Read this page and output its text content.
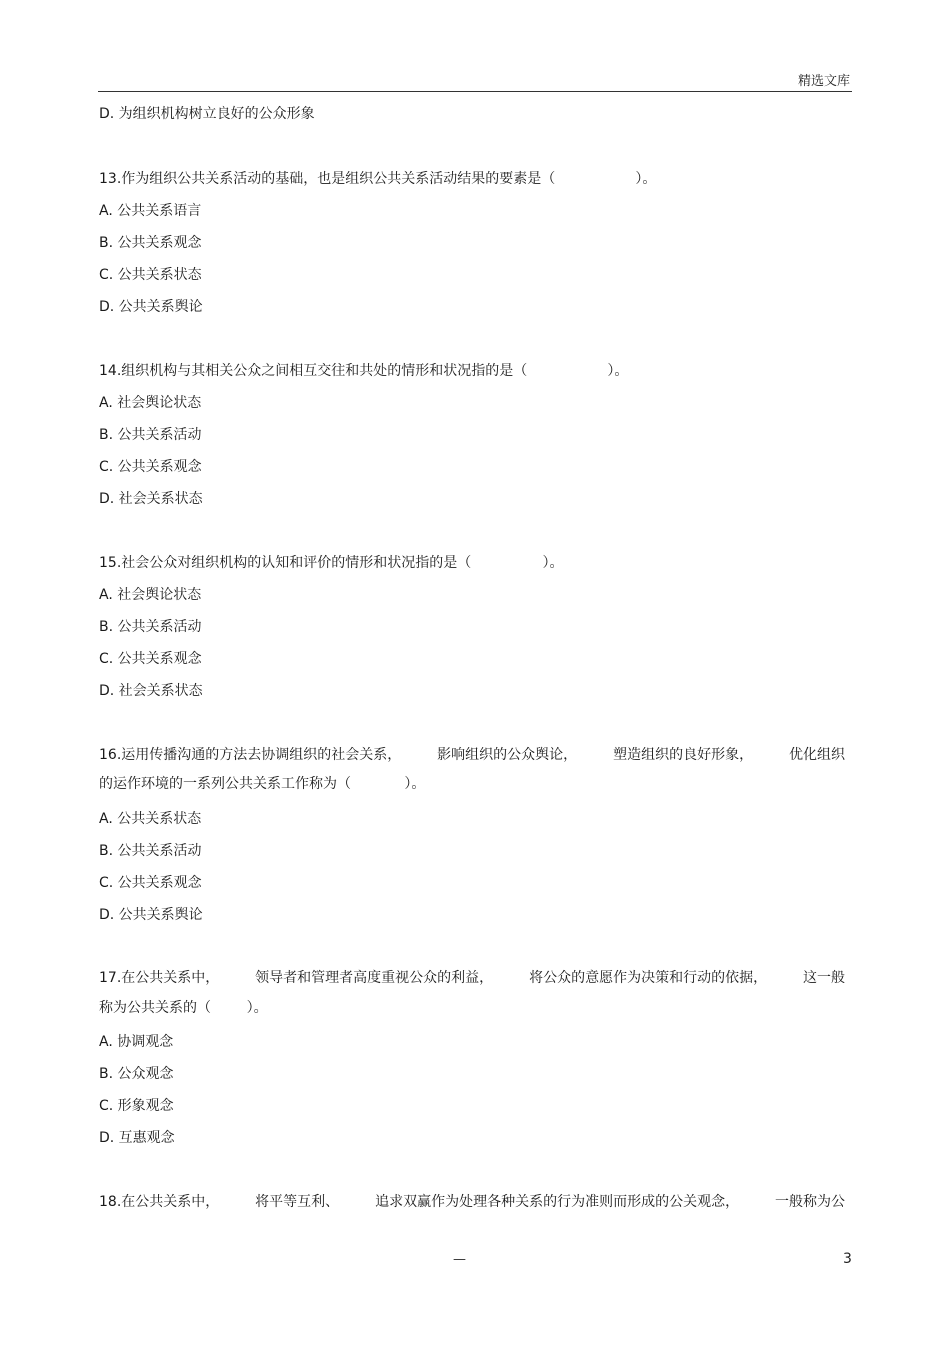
精选文库
D. 为组织机构树立良好的公众形象
13.作为组织公共关系活动的基础，也是组织公共关系活动结果的要素是（                  ）。
A. 公共关系语言
B. 公共关系观念
C. 公共关系状态
D. 公共关系舆论
14.组织机构与其相关公众之间相互交往和共处的情形和状况指的是（                  ）。
A. 社会舆论状态
B. 公共关系活动
C. 公共关系观念
D. 社会关系状态
15.社会公众对组织机构的认知和评价的情形和状况指的是（                ）。
A. 社会舆论状态
B. 公共关系活动
C. 公共关系观念
D. 社会关系状态
16.运用传播沟通的方法去协调组织的社会关系，	影响组织的公众舆论，	塑造组织的良好形象，	优化组织
的运作环境的一系列公共关系工作称为（            ）。
A. 公共关系状态
B. 公共关系活动
C. 公共关系观念
D. 公共关系舆论
17.在公共关系中，	领导者和管理者高度重视公众的利益，	将公众的意愿作为决策和行动的依据，	这一般
称为公共关系的（        ）。
A. 协调观念
B. 公众观念
C. 形象观念
D. 互惠观念
18.在公共关系中，	将平等互利、	追求双赢作为处理各种关系的行为准则而形成的公关观念，	一般称为公
—	3
